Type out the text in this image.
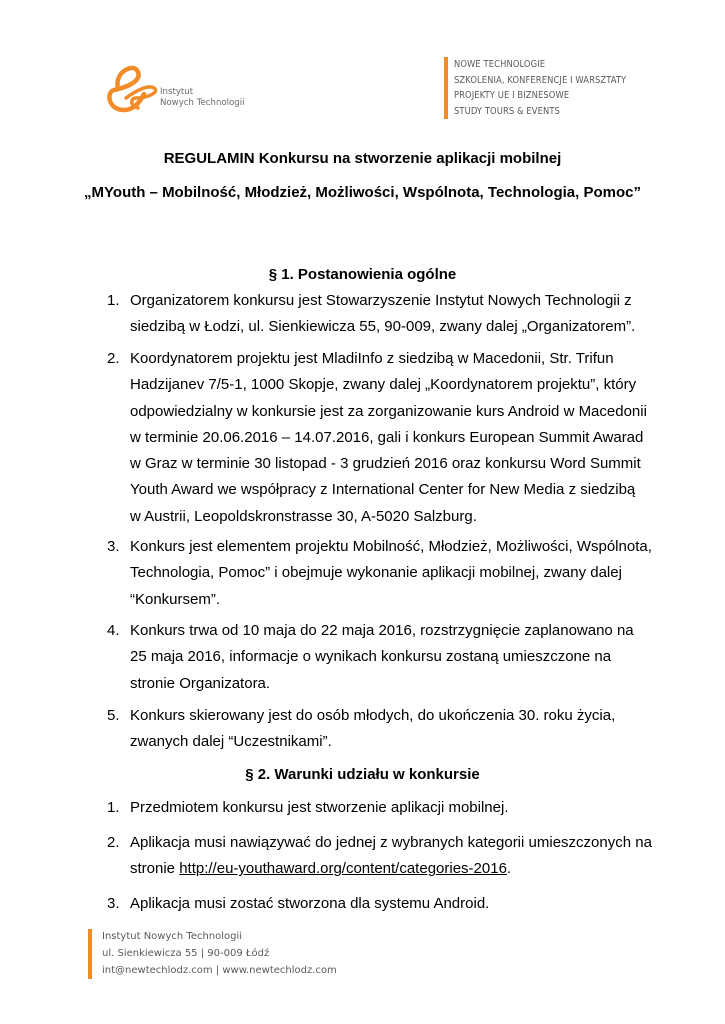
Instytut
Nowych Technologii
NOWE TECHNOLOGIE
SZKOLENIA, KONFERENCJE I WARSZTATY
PROJEKTY UE I BIZNESOWE
STUDY TOURS & EVENTS
REGULAMIN Konkursu na stworzenie aplikacji mobilnej
„MYouth – Mobilność, Młodzież, Możliwości, Wspólnota, Technologia, Pomoc”
§ 1. Postanowienia ogólne
1. Organizatorem konkursu jest Stowarzyszenie Instytut Nowych Technologii z
siedzibą w Łodzi, ul. Sienkiewicza 55, 90-009, zwany dalej „Organizatorem”.
2. Koordynatorem projektu jest MladiInfo z siedzibą w Macedonii, Str. Trifun
Hadzijanev 7/5-1, 1000 Skopje, zwany dalej „Koordynatorem projektu”, który
odpowiedzialny w konkursie jest za zorganizowanie kurs Android w Macedonii
w terminie 20.06.2016 – 14.07.2016, gali i konkurs European Summit Awarad
w Graz w terminie 30 listopad - 3 grudzień 2016 oraz konkursu Word Summit
Youth Award we współpracy z International Center for New Media z siedzibą
w Austrii, Leopoldskronstrasse 30, A-5020 Salzburg.
3. Konkurs jest elementem projektu Mobilność, Młodzież, Możliwości, Wspólnota,
Technologia, Pomoc” i obejmuje wykonanie aplikacji mobilnej, zwany dalej
“Konkursem”.
4. Konkurs trwa od 10 maja do 22 maja 2016, rozstrzygnięcie zaplanowano na
25 maja 2016, informacje o wynikach konkursu zostaną umieszczone na
stronie Organizatora.
5. Konkurs skierowany jest do osób młodych, do ukończenia 30. roku życia,
zwanych dalej “Uczestnikami”.
§ 2. Warunki udziału w konkursie
1. Przedmiotem konkursu jest stworzenie aplikacji mobilnej.
2. Aplikacja musi nawiązywać do jednej z wybranych kategorii umieszczonych na
stronie http://eu-youthaward.org/content/categories-2016.
3. Aplikacja musi zostać stworzona dla systemu Android.
Instytut Nowych Technologii
ul. Sienkiewicza 55 | 90-009 Łódź
int@newtechlodz.com | www.newtechlodz.com
